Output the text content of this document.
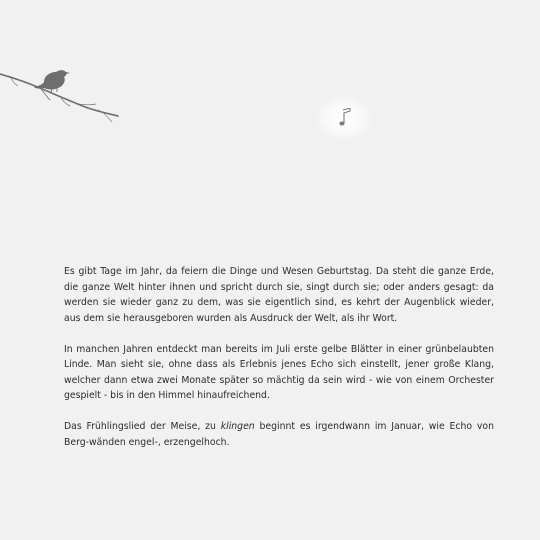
Es gibt Tage im Jahr, da feiern die Dinge und Wesen Geburtstag. Da steht die ganze Erde, die ganze Welt hinter ihnen und spricht durch sie, singt durch sie; oder anders gesagt: da werden sie wieder ganz zu dem, was sie eigentlich sind, es kehrt der Augenblick wieder, aus dem sie herausgeboren wurden als Ausdruck der Welt, als ihr Wort.

In manchen Jahren entdeckt man bereits im Juli erste gelbe Blätter in einer grünbelaubten Linde. Man sieht sie, ohne dass als Erlebnis jenes Echo sich einstellt, jener große Klang, welcher dann etwa zwei Monate später so mächtig da sein wird - wie von einem Orchester gespielt - bis in den Himmel hinaufreichend.

Das Frühlingslied der Meise, zu klingen beginnt es irgendwann im Januar, wie Echo von Berg-wänden engel-, erzengelhoch.
